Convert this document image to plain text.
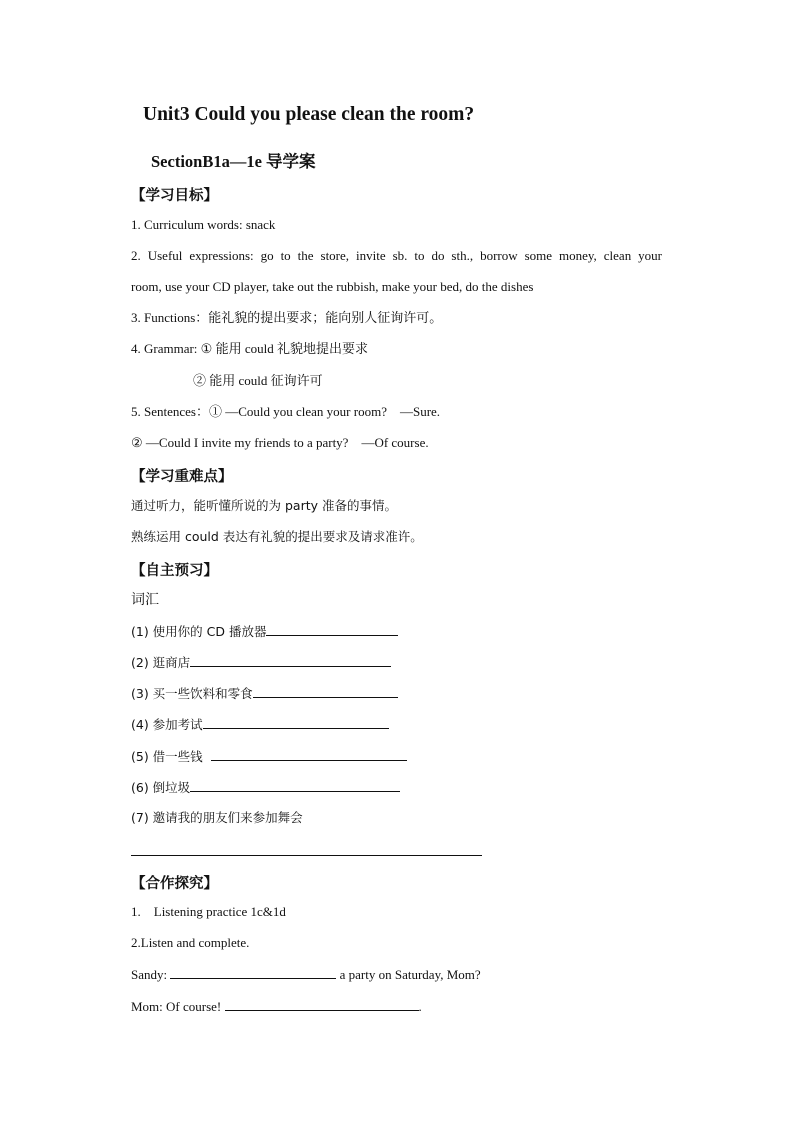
Unit3 Could you please clean the room?
SectionB1a—1e 导学案
【学习目标】
1. Curriculum words: snack
2. Useful expressions: go to the store, invite sb. to do sth., borrow some money, clean your
room, use your CD player, take out the rubbish, make your bed, do the dishes
3. Functions：能礼貌的提出要求；能向别人征询许可。
4. Grammar: ① 能用 could 礼貌地提出要求
② 能用 could 征询许可
5. Sentences：① —Could you clean your room?　—Sure.
② —Could I invite my friends to a party?　—Of course.
【学习重难点】
通过听力，能听懂所说的为 party 准备的事情。
熟练运用 could 表达有礼貌的提出要求及请求准许。
【自主预习】
词汇
(1) 使用你的 CD 播放器
(2) 逛商店
(3) 买一些饮料和零食
(4) 参加考试
(5) 借一些钱
(6) 倒垃圾
(7) 邀请我的朋友们来参加舞会
【合作探究】
1.　Listening practice 1c&1d
2.Listen and complete.
Sandy:	a party on Saturday, Mom?
Mom: Of course!	.
